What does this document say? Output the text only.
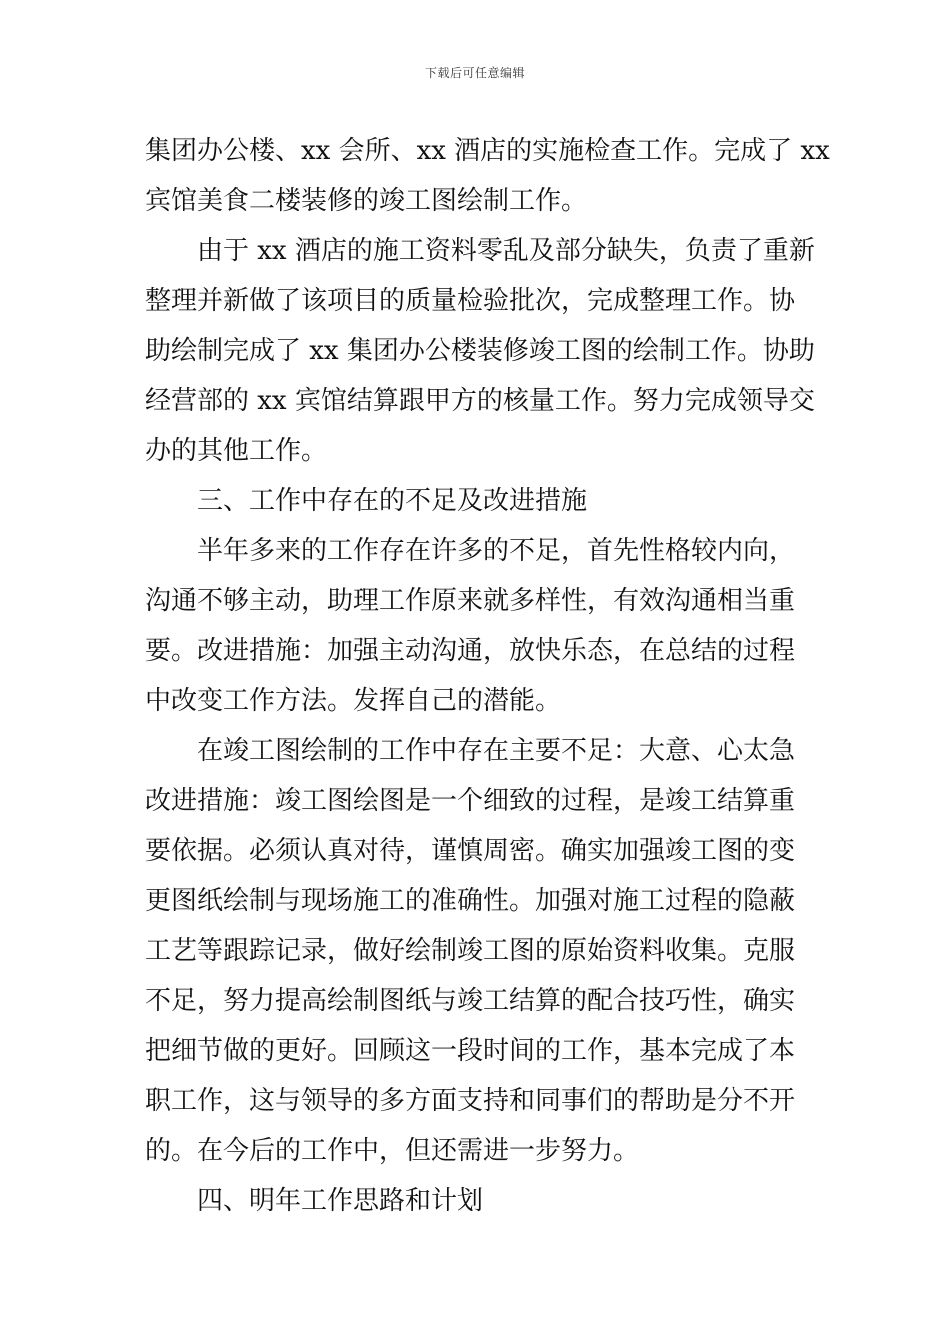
下载后可任意编辑
集团办公楼、xx 会所、xx 酒店的实施检查工作。完成了 xx
宾馆美食二楼装修的竣工图绘制工作。
由于 xx 酒店的施工资料零乱及部分缺失，负责了重新
整理并新做了该项目的质量检验批次，完成整理工作。协
助绘制完成了 xx 集团办公楼装修竣工图的绘制工作。协助
经营部的 xx 宾馆结算跟甲方的核量工作。努力完成领导交
办的其他工作。
三、工作中存在的不足及改进措施
半年多来的工作存在许多的不足，首先性格较内向，
沟通不够主动，助理工作原来就多样性，有效沟通相当重
要。改进措施：加强主动沟通，放快乐态，在总结的过程
中改变工作方法。发挥自己的潜能。
在竣工图绘制的工作中存在主要不足：大意、心太急
改进措施：竣工图绘图是一个细致的过程，是竣工结算重
要依据。必须认真对待，谨慎周密。确实加强竣工图的变
更图纸绘制与现场施工的准确性。加强对施工过程的隐蔽
工艺等跟踪记录，做好绘制竣工图的原始资料收集。克服
不足，努力提高绘制图纸与竣工结算的配合技巧性，确实
把细节做的更好。回顾这一段时间的工作，基本完成了本
职工作，这与领导的多方面支持和同事们的帮助是分不开
的。在今后的工作中，但还需进一步努力。
四、明年工作思路和计划
